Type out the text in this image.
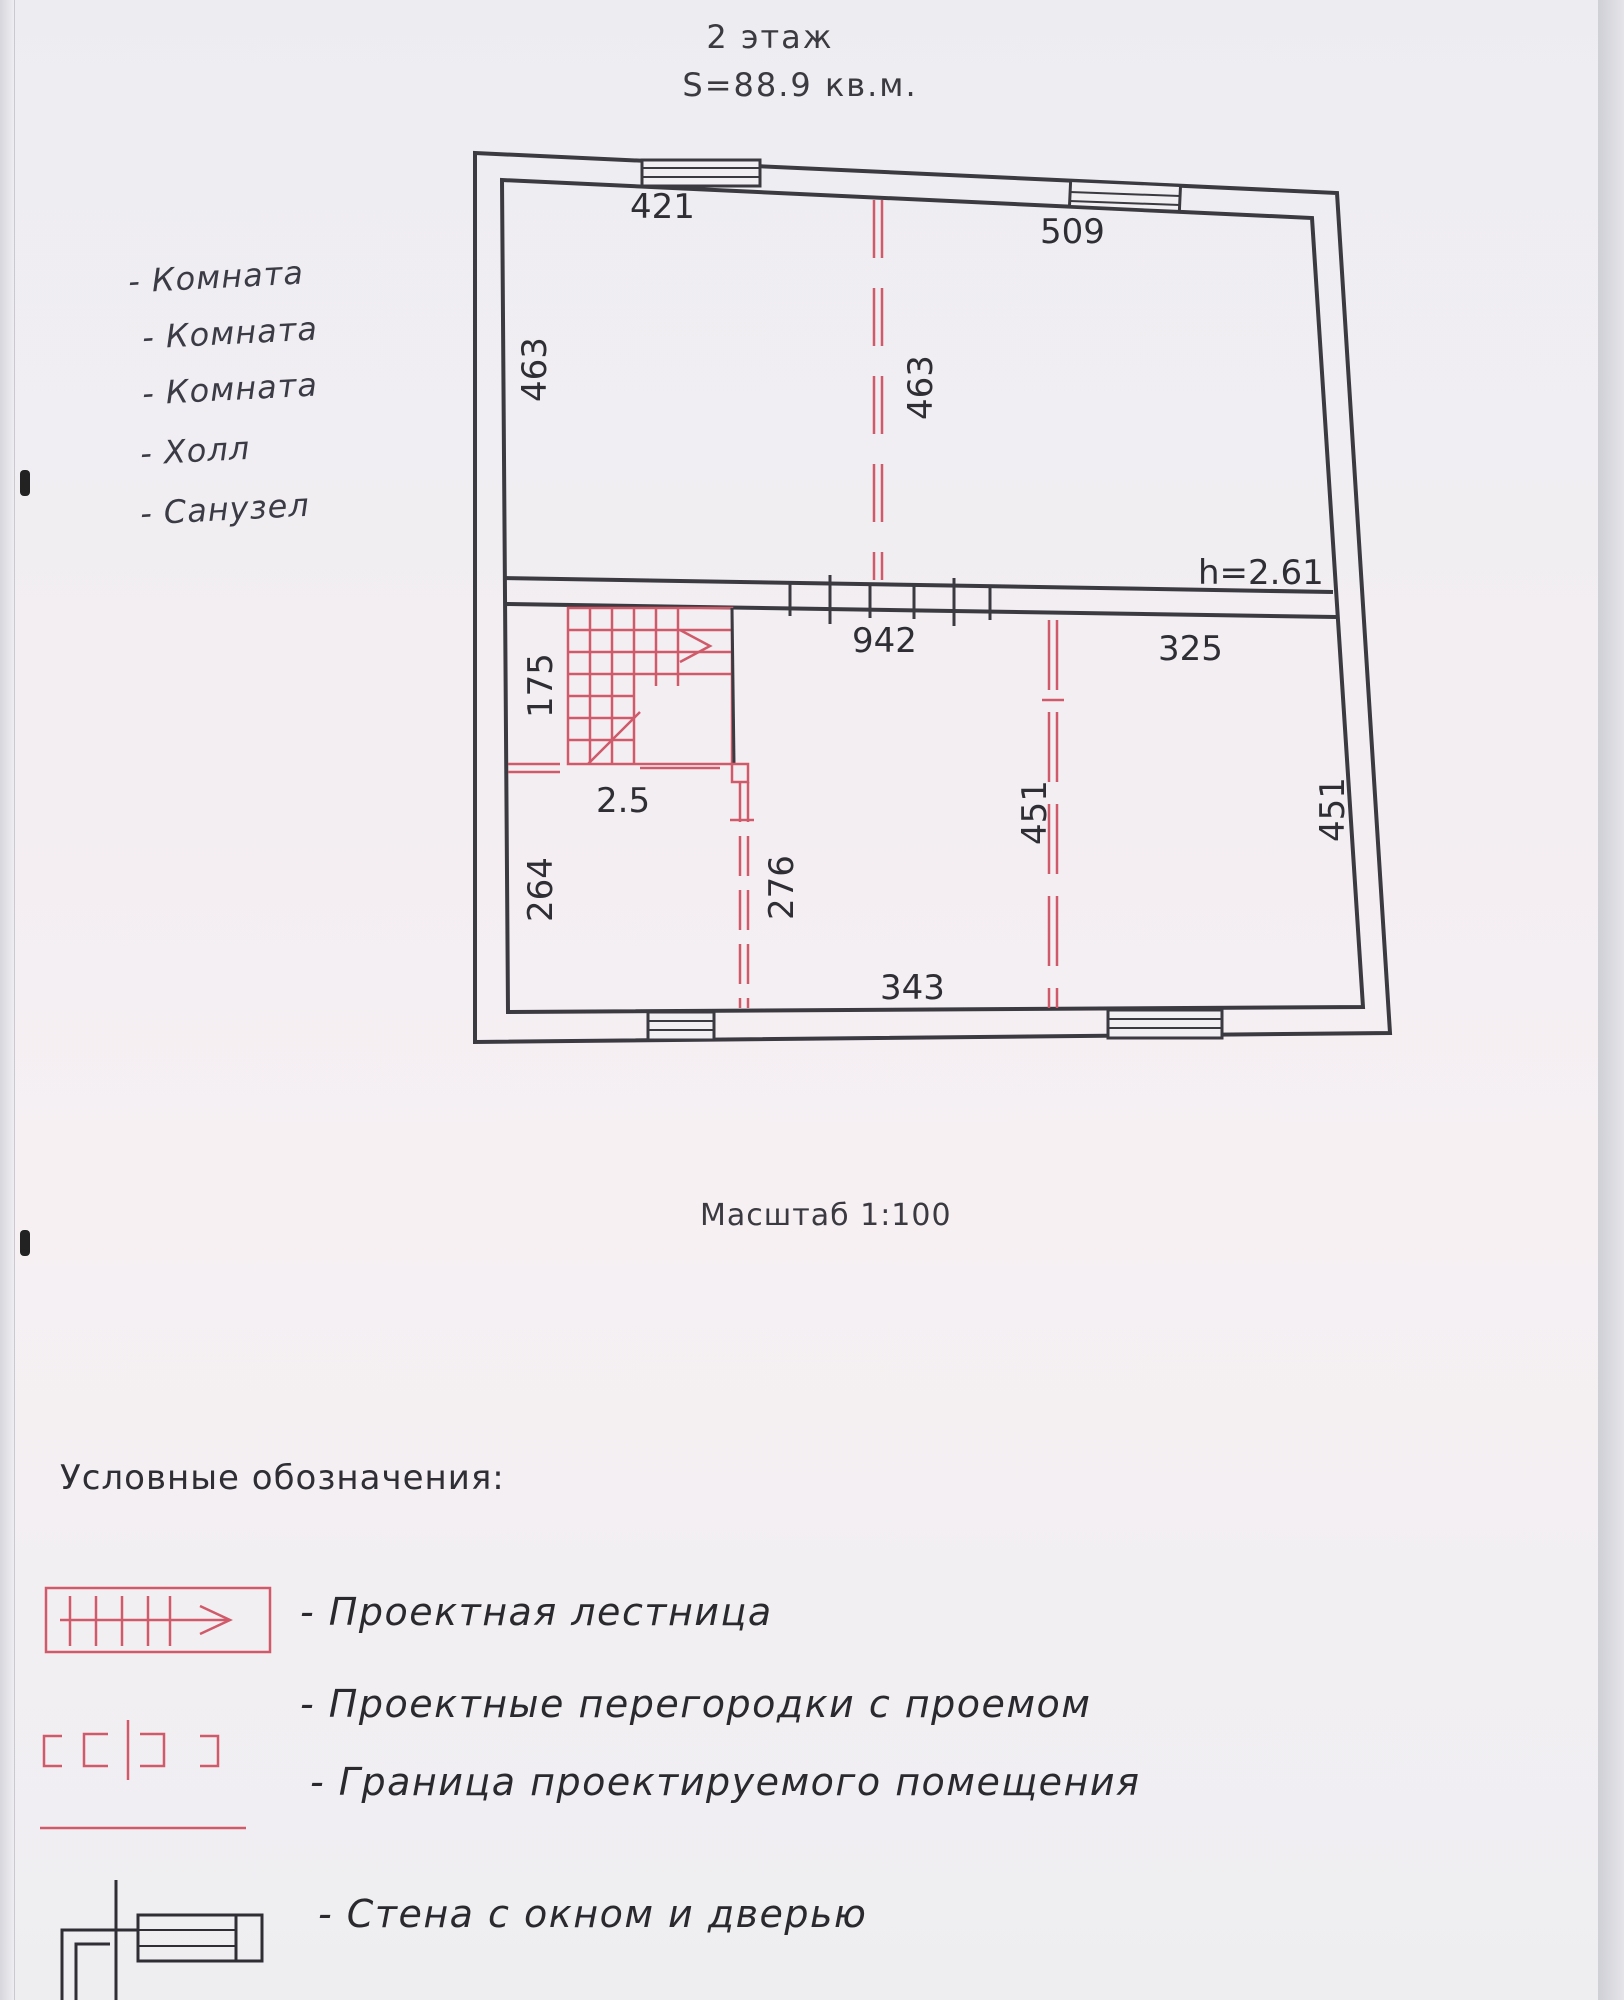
2 этаж
S=88.9 кв.м.
- Комната
- Комната
- Комната
- Холл
- Санузел
421
509
463	463
h=2.61
942	325
175
2.5
264	276
451	451
343
Масштаб 1:100
Условные обозначения:
- Проектная лестница
- Проектные перегородки с проемом
- Граница проектируемого помещения
- Стена с окном и дверью
